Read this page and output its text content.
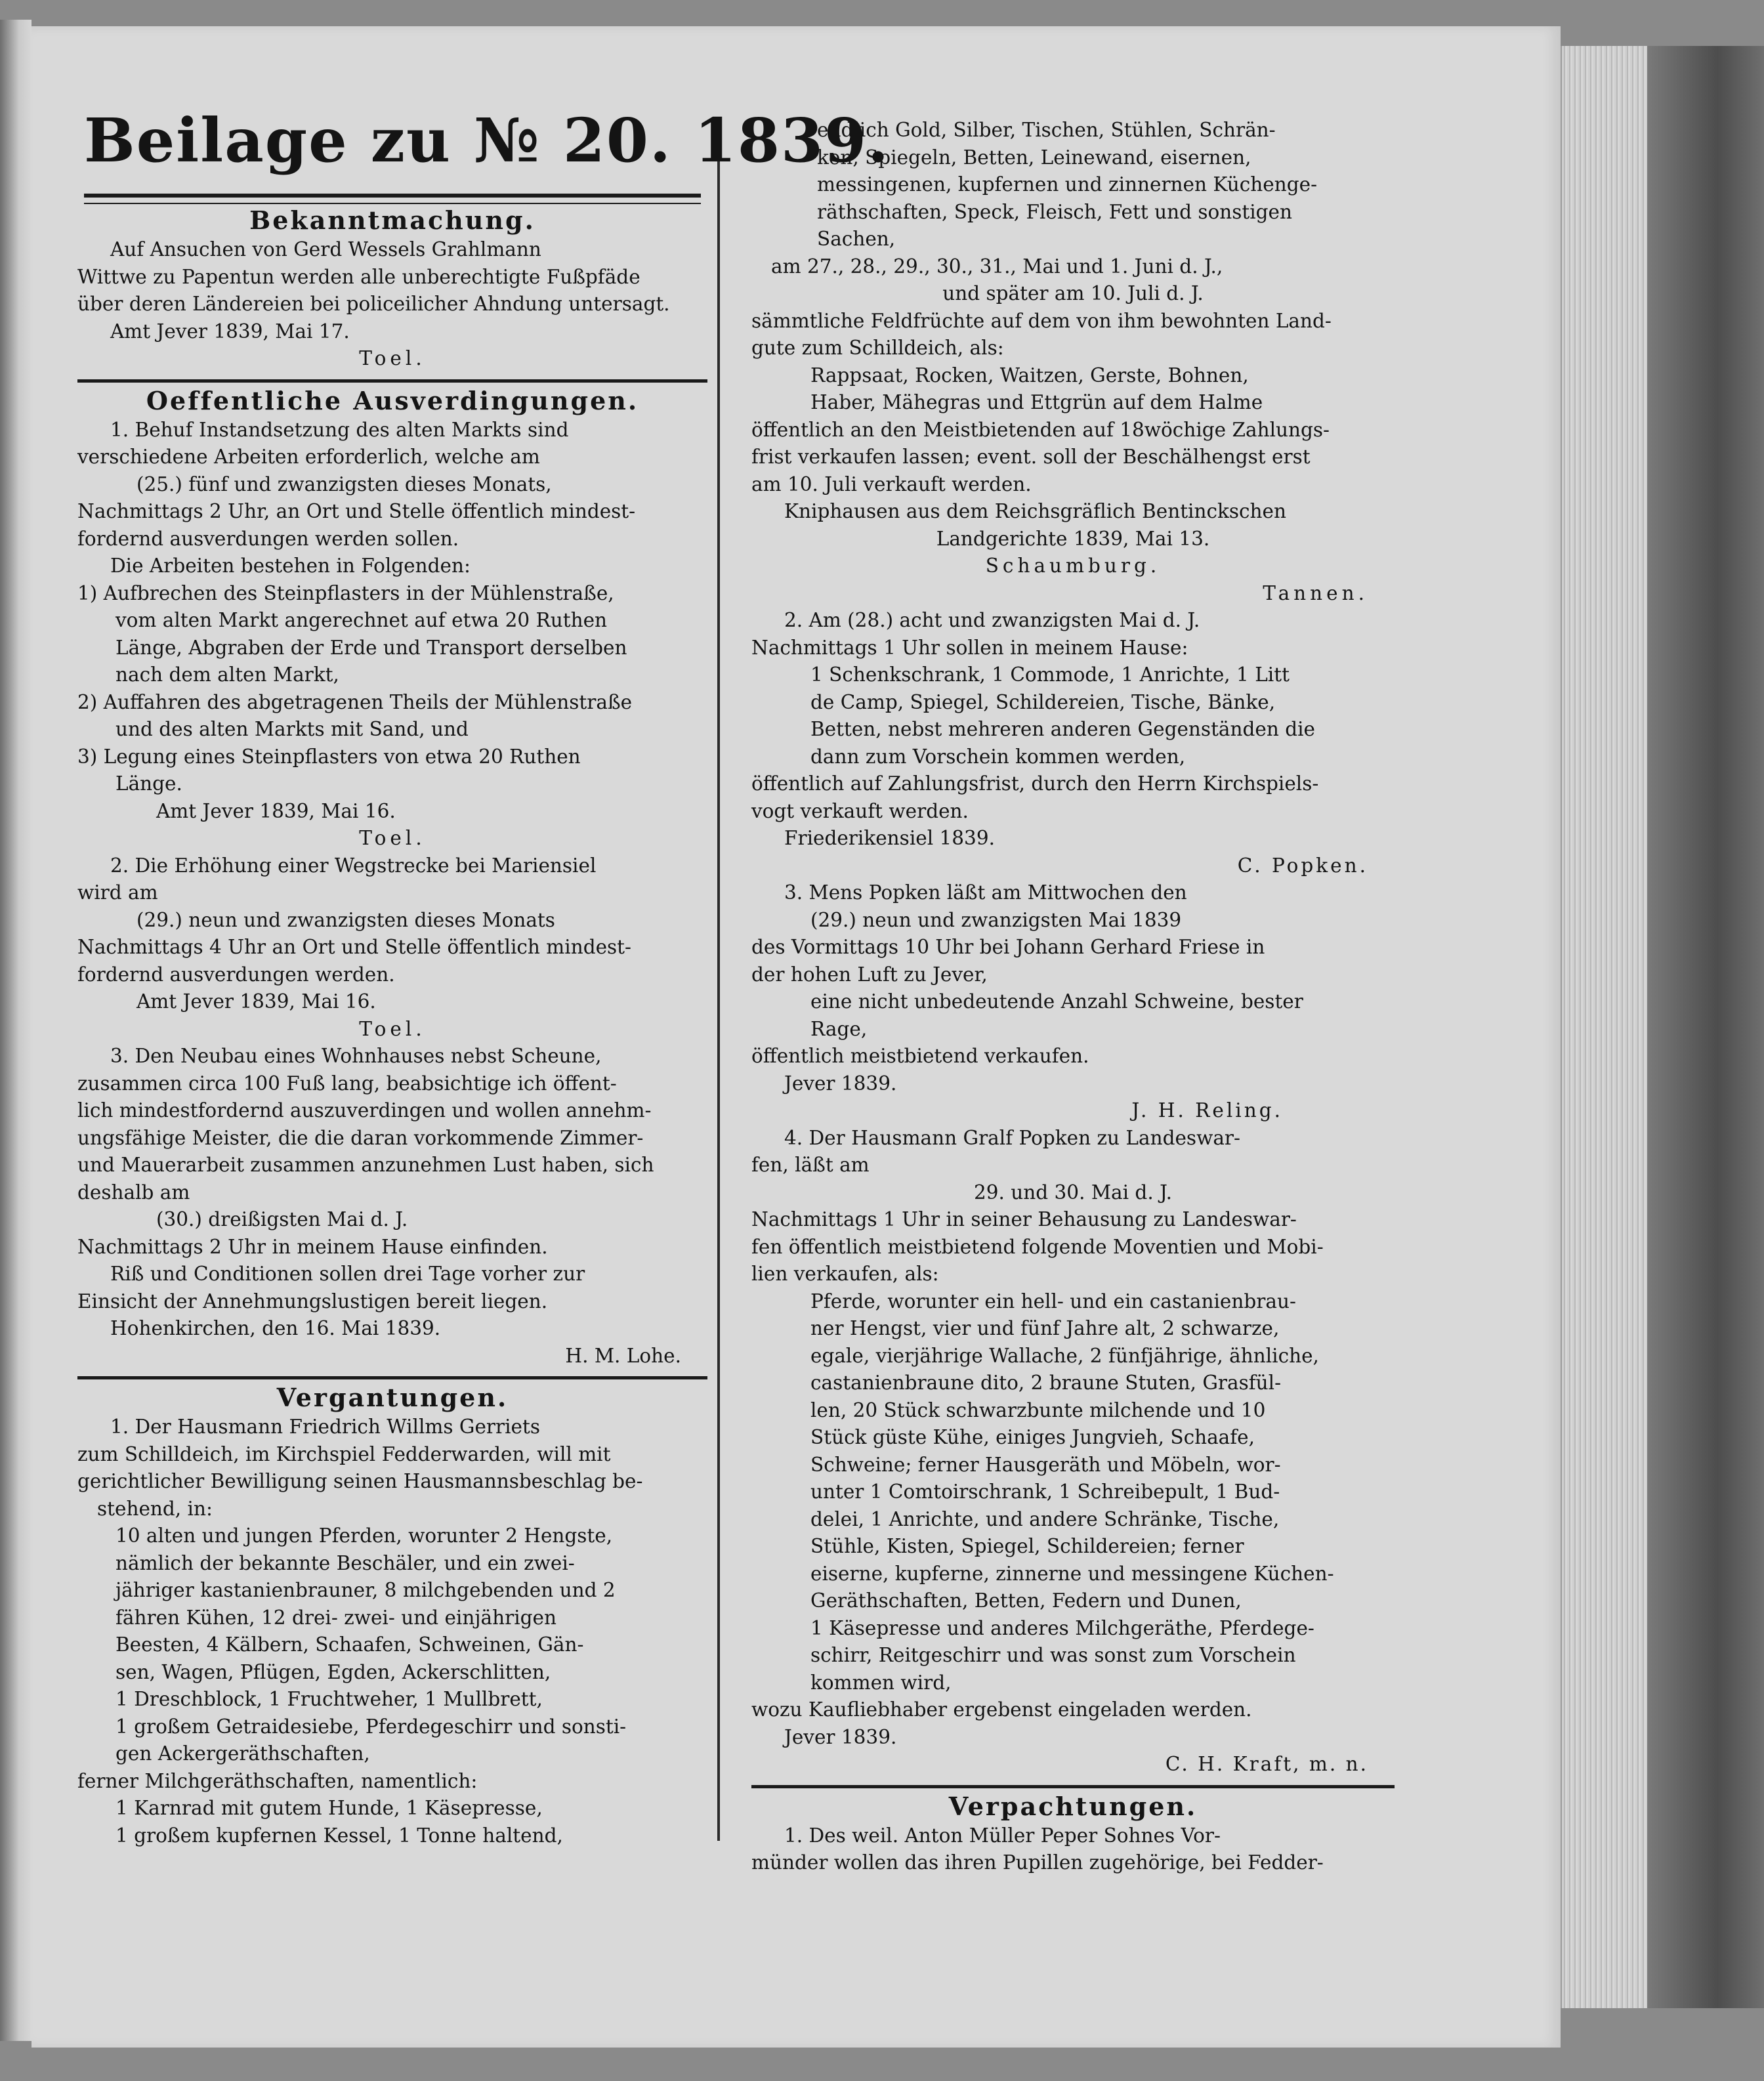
Beilage zu № 20. 1839.
Bekanntmachung.

Auf Ansuchen von Gerd Wessels Grahlmann

Wittwe zu Papentun werden alle unberechtigte Fußpfäde

über deren Ländereien bei policeilicher Ahndung untersagt.

Amt Jever 1839, Mai 17.

Toel.

Oeffentliche Ausverdingungen.

1. Behuf Instandsetzung des alten Markts sind

verschiedene Arbeiten erforderlich, welche am

(25.) fünf und zwanzigsten dieses Monats,

Nachmittags 2 Uhr, an Ort und Stelle öffentlich mindest-

fordernd ausverdungen werden sollen.

Die Arbeiten bestehen in Folgenden:

1) Aufbrechen des Steinpflasters in der Mühlenstraße,

vom alten Markt angerechnet auf etwa 20 Ruthen

Länge, Abgraben der Erde und Transport derselben

nach dem alten Markt,

2) Auffahren des abgetragenen Theils der Mühlenstraße

und des alten Markts mit Sand, und

3) Legung eines Steinpflasters von etwa 20 Ruthen

Länge.

Amt Jever 1839, Mai 16.

Toel.

2. Die Erhöhung einer Wegstrecke bei Mariensiel

wird am

(29.) neun und zwanzigsten dieses Monats

Nachmittags 4 Uhr an Ort und Stelle öffentlich mindest-

fordernd ausverdungen werden.

Amt Jever 1839, Mai 16.

Toel.

3. Den Neubau eines Wohnhauses nebst Scheune,

zusammen circa 100 Fuß lang, beabsichtige ich öffent-

lich mindestfordernd auszuverdingen und wollen annehm-

ungsfähige Meister, die die daran vorkommende Zimmer-

und Mauerarbeit zusammen anzunehmen Lust haben, sich

deshalb am

(30.) dreißigsten Mai d. J.

Nachmittags 2 Uhr in meinem Hause einfinden.

Riß und Conditionen sollen drei Tage vorher zur

Einsicht der Annehmungslustigen bereit liegen.

Hohenkirchen, den 16. Mai 1839.

H. M. Lohe.

Vergantungen.

1. Der Hausmann Friedrich Willms Gerriets

zum Schilldeich, im Kirchspiel Fedderwarden, will mit

gerichtlicher Bewilligung seinen Hausmannsbeschlag be-

stehend, in:

10 alten und jungen Pferden, worunter 2 Hengste,

nämlich der bekannte Beschäler, und ein zwei-

jähriger kastanienbrauner, 8 milchgebenden und 2

fähren Kühen, 12 drei- zwei- und einjährigen

Beesten, 4 Kälbern, Schaafen, Schweinen, Gän-

sen, Wagen, Pflügen, Egden, Ackerschlitten,

1 Dreschblock, 1 Fruchtweher, 1 Mullbrett,

1 großem Getraidesiebe, Pferdegeschirr und sonsti-

gen Ackergeräthschaften,

ferner Milchgeräthschaften, namentlich:

1 Karnrad mit gutem Hunde, 1 Käsepresse,

1 großem kupfernen Kessel, 1 Tonne haltend,

endlich Gold, Silber, Tischen, Stühlen, Schrän-

ken, Spiegeln, Betten, Leinewand, eisernen,

messingenen, kupfernen und zinnernen Küchenge-

räthschaften, Speck, Fleisch, Fett und sonstigen

Sachen,

am 27., 28., 29., 30., 31., Mai und 1. Juni d. J.,

und später am 10. Juli d. J.

sämmtliche Feldfrüchte auf dem von ihm bewohnten Land-

gute zum Schilldeich, als:

Rappsaat, Rocken, Waitzen, Gerste, Bohnen,

Haber, Mähegras und Ettgrün auf dem Halme

öffentlich an den Meistbietenden auf 18wöchige Zahlungs-

frist verkaufen lassen; event. soll der Beschälhengst erst

am 10. Juli verkauft werden.

Kniphausen aus dem Reichsgräflich Bentinckschen

Landgerichte 1839, Mai 13.

Schaumburg.

Tannen.

2. Am (28.) acht und zwanzigsten Mai d. J.

Nachmittags 1 Uhr sollen in meinem Hause:

1 Schenkschrank, 1 Commode, 1 Anrichte, 1 Litt

de Camp, Spiegel, Schildereien, Tische, Bänke,

Betten, nebst mehreren anderen Gegenständen die

dann zum Vorschein kommen werden,

öffentlich auf Zahlungsfrist, durch den Herrn Kirchspiels-

vogt verkauft werden.

Friederikensiel 1839.

C. Popken.

3. Mens Popken läßt am Mittwochen den

(29.) neun und zwanzigsten Mai 1839

des Vormittags 10 Uhr bei Johann Gerhard Friese in

der hohen Luft zu Jever,

eine nicht unbedeutende Anzahl Schweine, bester

Rage,

öffentlich meistbietend verkaufen.

Jever 1839.

J. H. Reling.

4. Der Hausmann Gralf Popken zu Landeswar-

fen, läßt am

29. und 30. Mai d. J.

Nachmittags 1 Uhr in seiner Behausung zu Landeswar-

fen öffentlich meistbietend folgende Moventien und Mobi-

lien verkaufen, als:

Pferde, worunter ein hell- und ein castanienbrau-

ner Hengst, vier und fünf Jahre alt, 2 schwarze,

egale, vierjährige Wallache, 2 fünfjährige, ähnliche,

castanienbraune dito, 2 braune Stuten, Grasfül-

len, 20 Stück schwarzbunte milchende und 10

Stück güste Kühe, einiges Jungvieh, Schaafe,

Schweine; ferner Hausgeräth und Möbeln, wor-

unter 1 Comtoirschrank, 1 Schreibepult, 1 Bud-

delei, 1 Anrichte, und andere Schränke, Tische,

Stühle, Kisten, Spiegel, Schildereien; ferner

eiserne, kupferne, zinnerne und messingene Küchen-

Geräthschaften, Betten, Federn und Dunen,

1 Käsepresse und anderes Milchgeräthe, Pferdege-

schirr, Reitgeschirr und was sonst zum Vorschein

kommen wird,

wozu Kaufliebhaber ergebenst eingeladen werden.

Jever 1839.

C. H. Kraft, m. n.

Verpachtungen.

1. Des weil. Anton Müller Peper Sohnes Vor-

münder wollen das ihren Pupillen zugehörige, bei Fedder-
